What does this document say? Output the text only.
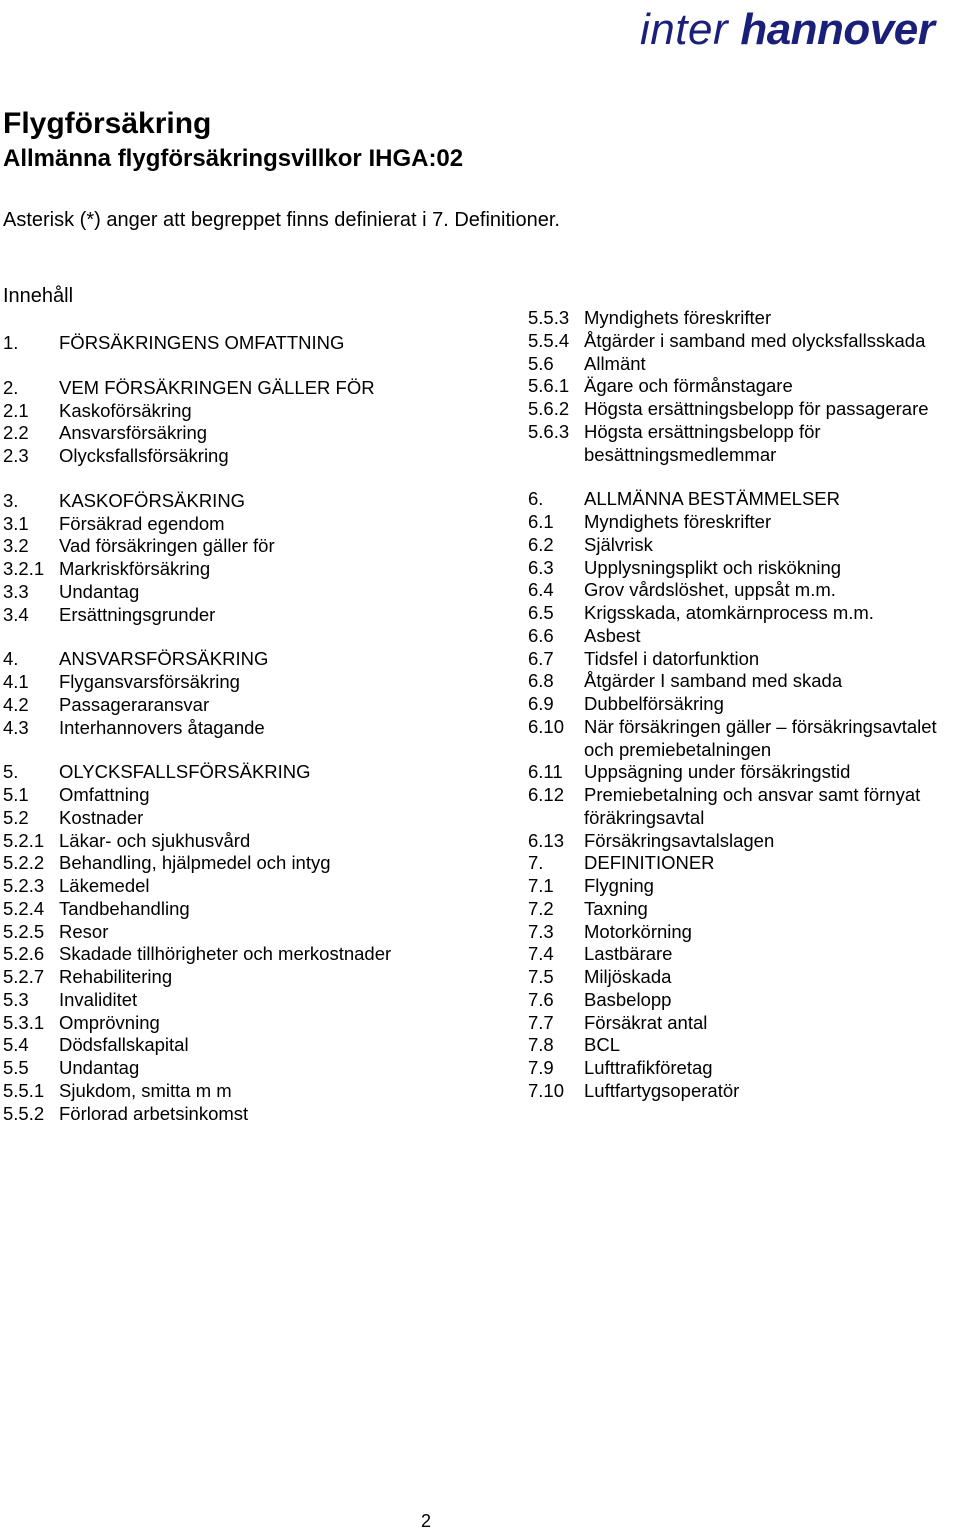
inter hannover
Flygförsäkring
Allmänna flygförsäkringsvillkor IHGA:02
Asterisk (*) anger att begreppet finns definierat i 7. Definitioner.
Innehåll
1.	FÖRSÄKRINGENS OMFATTNING
2.	VEM FÖRSÄKRINGEN GÄLLER FÖR
2.1	Kaskoförsäkring
2.2	Ansvarsförsäkring
2.3	Olycksfallsförsäkring
3.	KASKOFÖRSÄKRING
3.1	Försäkrad egendom
3.2	Vad försäkringen gäller för
3.2.1 Markriskförsäkring
3.3	Undantag
3.4	Ersättningsgrunder
4.	ANSVARSFÖRSÄKRING
4.1	Flygansvarsförsäkring
4.2	Passageraransvar
4.3	Interhannovers åtagande
5.	OLYCKSFALLSFÖRSÄKRING
5.1	Omfattning
5.2	Kostnader
5.2.1 Läkar- och sjukhusvård
5.2.2 Behandling, hjälpmedel och intyg
5.2.3 Läkemedel
5.2.4 Tandbehandling
5.2.5 Resor
5.2.6 Skadade tillhörigheter och merkostnader
5.2.7 Rehabilitering
5.3	Invaliditet
5.3.1 Omprövning
5.4	Dödsfallskapital
5.5	Undantag
5.5.1 Sjukdom, smitta m m
5.5.2 Förlorad arbetsinkomst
5.5.3 Myndighets föreskrifter
5.5.4 Åtgärder i samband med olycksfallsskada
5.6	Allmänt
5.6.1 Ägare och förmånstagare
5.6.2 Högsta ersättningsbelopp för passagerare
5.6.3 Högsta ersättningsbelopp för besättningsmedlemmar
6.	ALLMÄNNA BESTÄMMELSER
6.1	Myndighets föreskrifter
6.2	Självrisk
6.3	Upplysningsplikt och riskökning
6.4	Grov vårdslöshet, uppsåt m.m.
6.5	Krigsskada, atomkärnprocess m.m.
6.6	Asbest
6.7	Tidsfel i datorfunktion
6.8	Åtgärder I samband med skada
6.9	Dubbelförsäkring
6.10	När försäkringen gäller – försäkringsavtalet och premiebetalningen
6.11	Uppsägning under försäkringstid
6.12	Premiebetalning och ansvar samt förnyat föräkringsavtal
6.13	Försäkringsavtalslagen
7.	DEFINITIONER
7.1	Flygning
7.2	Taxning
7.3	Motorkörning
7.4	Lastbärare
7.5	Miljöskada
7.6	Basbelopp
7.7	Försäkrat antal
7.8	BCL
7.9	Lufttrafikföretag
7.10	Luftfartygsoperatör
2
